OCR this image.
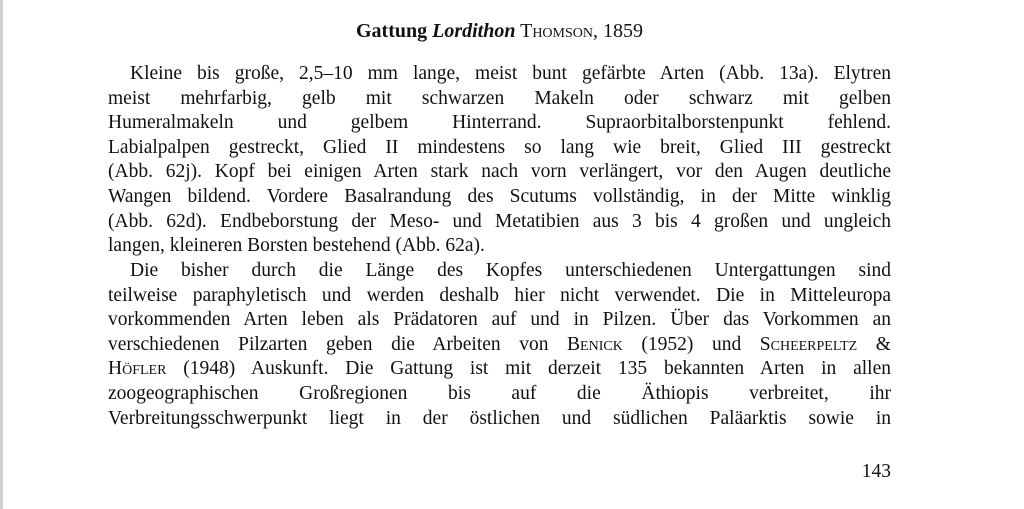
Gattung Lordithon Thomson, 1859

Kleine bis große, 2,5–10 mm lange, meist bunt gefärbte Arten (Abb. 13a). Elytren
meist mehrfarbig, gelb mit schwarzen Makeln oder schwarz mit gelben
Humeralmakeln und gelbem Hinterrand. Supraorbitalborstenpunkt fehlend.
Labialpalpen gestreckt, Glied II mindestens so lang wie breit, Glied III gestreckt
(Abb. 62j). Kopf bei einigen Arten stark nach vorn verlängert, vor den Augen deutliche
Wangen bildend. Vordere Basalrandung des Scutums vollständig, in der Mitte winklig
(Abb. 62d). Endbeborstung der Meso- und Metatibien aus 3 bis 4 großen und ungleich
langen, kleineren Borsten bestehend (Abb. 62a).

Die bisher durch die Länge des Kopfes unterschiedenen Untergattungen sind
teilweise paraphyletisch und werden deshalb hier nicht verwendet. Die in Mitteleuropa
vorkommenden Arten leben als Prädatoren auf und in Pilzen. Über das Vorkommen an
verschiedenen Pilzarten geben die Arbeiten von Benick (1952) und Scheerpeltz &
Höfler (1948) Auskunft. Die Gattung ist mit derzeit 135 bekannten Arten in allen
zoogeographischen Großregionen bis auf die Äthiopis verbreitet, ihr
Verbreitungsschwerpunkt liegt in der östlichen und südlichen Paläarktis sowie in

143
